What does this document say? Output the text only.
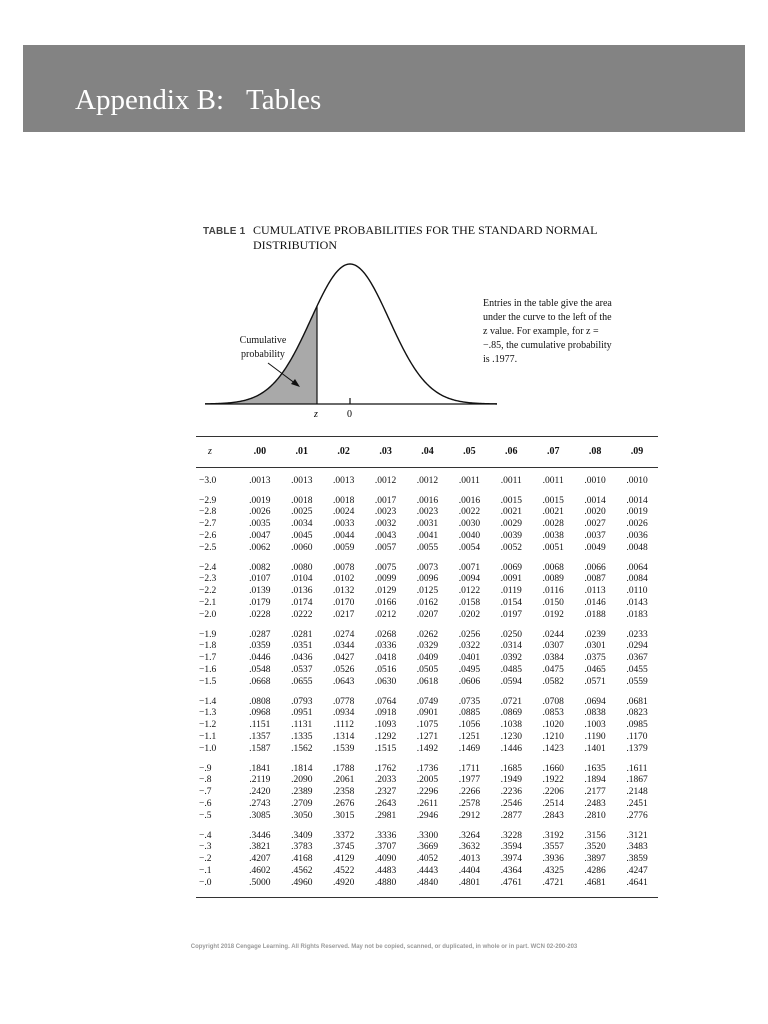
Appendix B: Tables
TABLE 1 CUMULATIVE PROBABILITIES FOR THE STANDARD NORMAL DISTRIBUTION
z	0
Cumulative probability
Entries in the table give the area under the curve to the left of the z value. For example, for z = −.85, the cumulative probability is .1977.
z	.00	.01	.02	.03	.04	.05	.06	.07	.08	.09
−3.0	.0013	.0013	.0013	.0012	.0012	.0011	.0011	.0011	.0010	.0010
−2.9	.0019	.0018	.0018	.0017	.0016	.0016	.0015	.0015	.0014	.0014
−2.8	.0026	.0025	.0024	.0023	.0023	.0022	.0021	.0021	.0020	.0019
−2.7	.0035	.0034	.0033	.0032	.0031	.0030	.0029	.0028	.0027	.0026
−2.6	.0047	.0045	.0044	.0043	.0041	.0040	.0039	.0038	.0037	.0036
−2.5	.0062	.0060	.0059	.0057	.0055	.0054	.0052	.0051	.0049	.0048
−2.4	.0082	.0080	.0078	.0075	.0073	.0071	.0069	.0068	.0066	.0064
−2.3	.0107	.0104	.0102	.0099	.0096	.0094	.0091	.0089	.0087	.0084
−2.2	.0139	.0136	.0132	.0129	.0125	.0122	.0119	.0116	.0113	.0110
−2.1	.0179	.0174	.0170	.0166	.0162	.0158	.0154	.0150	.0146	.0143
−2.0	.0228	.0222	.0217	.0212	.0207	.0202	.0197	.0192	.0188	.0183
−1.9	.0287	.0281	.0274	.0268	.0262	.0256	.0250	.0244	.0239	.0233
−1.8	.0359	.0351	.0344	.0336	.0329	.0322	.0314	.0307	.0301	.0294
−1.7	.0446	.0436	.0427	.0418	.0409	.0401	.0392	.0384	.0375	.0367
−1.6	.0548	.0537	.0526	.0516	.0505	.0495	.0485	.0475	.0465	.0455
−1.5	.0668	.0655	.0643	.0630	.0618	.0606	.0594	.0582	.0571	.0559
−1.4	.0808	.0793	.0778	.0764	.0749	.0735	.0721	.0708	.0694	.0681
−1.3	.0968	.0951	.0934	.0918	.0901	.0885	.0869	.0853	.0838	.0823
−1.2	.1151	.1131	.1112	.1093	.1075	.1056	.1038	.1020	.1003	.0985
−1.1	.1357	.1335	.1314	.1292	.1271	.1251	.1230	.1210	.1190	.1170
−1.0	.1587	.1562	.1539	.1515	.1492	.1469	.1446	.1423	.1401	.1379
−.9	.1841	.1814	.1788	.1762	.1736	.1711	.1685	.1660	.1635	.1611
−.8	.2119	.2090	.2061	.2033	.2005	.1977	.1949	.1922	.1894	.1867
−.7	.2420	.2389	.2358	.2327	.2296	.2266	.2236	.2206	.2177	.2148
−.6	.2743	.2709	.2676	.2643	.2611	.2578	.2546	.2514	.2483	.2451
−.5	.3085	.3050	.3015	.2981	.2946	.2912	.2877	.2843	.2810	.2776
−.4	.3446	.3409	.3372	.3336	.3300	.3264	.3228	.3192	.3156	.3121
−.3	.3821	.3783	.3745	.3707	.3669	.3632	.3594	.3557	.3520	.3483
−.2	.4207	.4168	.4129	.4090	.4052	.4013	.3974	.3936	.3897	.3859
−.1	.4602	.4562	.4522	.4483	.4443	.4404	.4364	.4325	.4286	.4247
−.0	.5000	.4960	.4920	.4880	.4840	.4801	.4761	.4721	.4681	.4641
Copyright 2018 Cengage Learning. All Rights Reserved. May not be copied, scanned, or duplicated, in whole or in part. WCN 02-200-203
